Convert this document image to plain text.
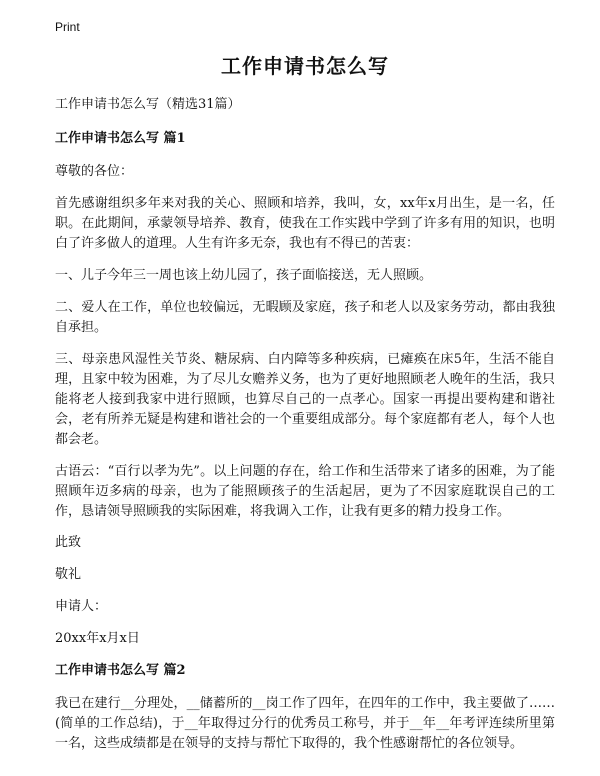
Print
工作申请书怎么写
工作申请书怎么写（精选31篇）
工作申请书怎么写 篇1
尊敬的各位：
首先感谢组织多年来对我的关心、照顾和培养，我叫，女，xx年x月出生，是一名，任职。在此期间，承蒙领导培养、教育，使我在工作实践中学到了许多有用的知识，也明白了许多做人的道理。人生有许多无奈，我也有不得已的苦衷：
一、儿子今年三一周也该上幼儿园了，孩子面临接送，无人照顾。
二、爱人在工作，单位也较偏远，无暇顾及家庭，孩子和老人以及家务劳动，都由我独自承担。
三、母亲患风湿性关节炎、糖尿病、白内障等多种疾病，已瘫痪在床5年，生活不能自理，且家中较为困难，为了尽儿女赡养义务，也为了更好地照顾老人晚年的生活，我只能将老人接到我家中进行照顾，也算尽自己的一点孝心。国家一再提出要构建和谐社会，老有所养无疑是构建和谐社会的一个重要组成部分。每个家庭都有老人，每个人也都会老。
古语云：“百行以孝为先”。以上问题的存在，给工作和生活带来了诸多的困难，为了能照顾年迈多病的母亲，也为了能照顾孩子的生活起居，更为了不因家庭耽误自己的工作，恳请领导照顾我的实际困难，将我调入工作，让我有更多的精力投身工作。
此致
敬礼
申请人：
20xx年x月x日
工作申请书怎么写 篇2
我已在建行__分理处，__储蓄所的__岗工作了四年，在四年的工作中，我主要做了……(简单的工作总结)，于__年取得过分行的优秀员工称号，并于__年__年考评连续所里第一名，这些成绩都是在领导的支持与帮忙下取得的，我个性感谢帮忙的各位领导。
